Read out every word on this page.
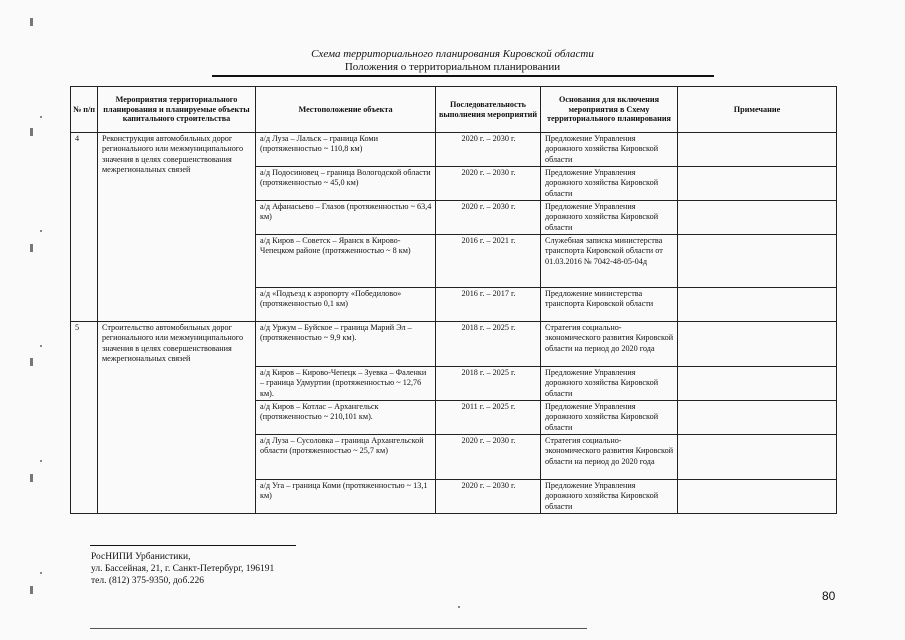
Схема территориального планирования Кировской области
Положения о территориальном планировании
№ п/п	Мероприятия территориального планирования и планируемые объекты капитального строительства	Местоположение объекта	Последовательность выполнения мероприятий	Основания для включения мероприятия в Схему территориального планирования	Примечание
4	Реконструкция автомобильных дорог регионального или межмуниципального значения в целях совершенствования межрегиональных связей	а/д Луза – Лальск – граница Коми (протяженностью ~ 110,8 км)	2020 г. – 2030 г.	Предложение Управления дорожного хозяйства Кировской области	
		а/д Подосиновец – граница Вологодской области (протяженностью ~ 45,0 км)	2020 г. – 2030 г.	Предложение Управления дорожного хозяйства Кировской области	
		а/д Афанасьево – Глазов (протяженностью ~ 63,4 км)	2020 г. – 2030 г.	Предложение Управления дорожного хозяйства Кировской области	
		а/д Киров – Советск – Яранск в Кирово-Чепецком районе (протяженностью ~ 8 км)	2016 г. – 2021 г.	Служебная записка министерства транспорта Кировской области от 01.03.2016 № 7042-48-05-04д	
		а/д «Подъезд к аэропорту «Победилово» (протяженностью 0,1 км)	2016 г. – 2017 г.	Предложение министерства транспорта Кировской области	
5	Строительство автомобильных дорог регионального или межмуниципального значения в целях совершенствования межрегиональных связей	а/д Уржум – Буйское – граница Марий Эл – (протяженностью ~ 9,9 км).	2018 г. – 2025 г.	Стратегия социально-экономического развития Кировской области на период до 2020 года	
		а/д Киров – Кирово-Чепецк – Зуевка – Фаленки – граница Удмуртии (протяженностью ~ 12,76 км).	2018 г. – 2025 г.	Предложение Управления дорожного хозяйства Кировской области	
		а/д Киров – Котлас – Архангельск (протяженностью ~ 210,101 км).	2011 г. – 2025 г.	Предложение Управления дорожного хозяйства Кировской области	
		а/д Луза – Сусоловка – граница Архангельской области (протяженностью ~ 25,7 км)	2020 г. – 2030 г.	Стратегия социально-экономического развития Кировской области на период до 2020 года	
		а/д Уга – граница Коми (протяженностью ~ 13,1 км)	2020 г. – 2030 г.	Предложение Управления дорожного хозяйства Кировской области	
РосНИПИ Урбанистики,
ул. Бассейная, 21, г. Санкт-Петербург, 196191
тел. (812) 375-9350, доб.226
80
